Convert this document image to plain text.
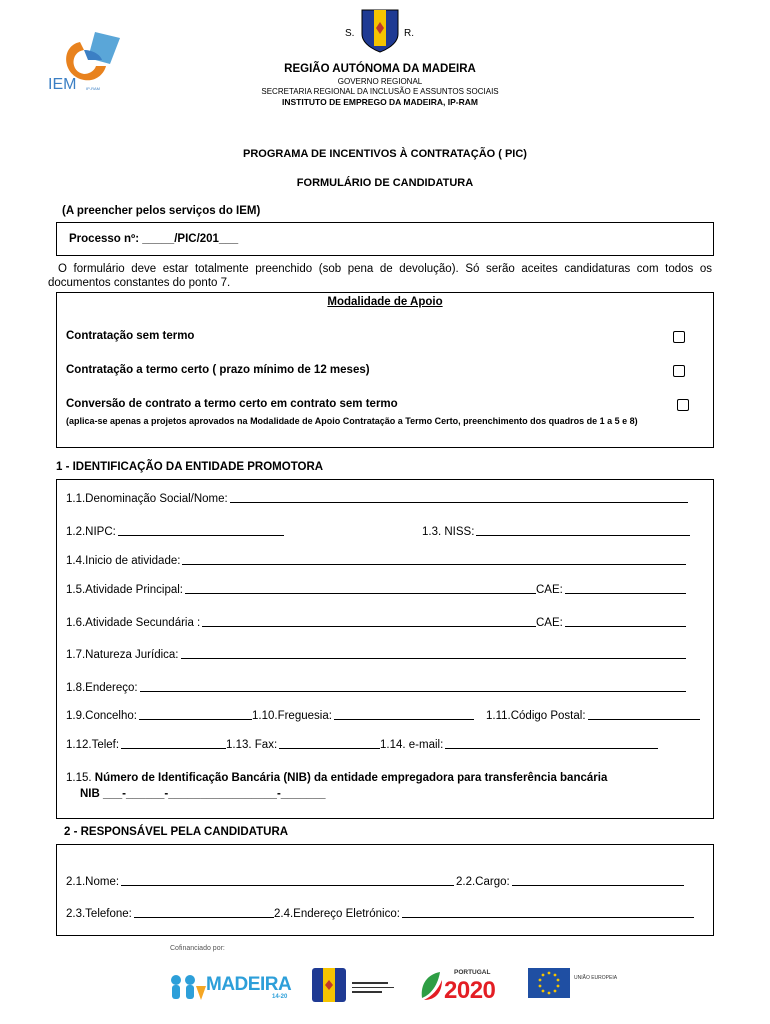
IEM IP-RAM
S.	R.
REGIÃO AUTÓNOMA DA MADEIRA
GOVERNO REGIONAL
SECRETARIA REGIONAL DA INCLUSÃO E ASSUNTOS SOCIAIS
INSTITUTO DE EMPREGO DA MADEIRA, IP-RAM
PROGRAMA DE INCENTIVOS À CONTRATAÇÃO ( PIC)
FORMULÁRIO DE CANDIDATURA
(A preencher pelos serviços do IEM)
Processo nº: _____/PIC/201___
O formulário deve estar totalmente preenchido (sob pena de devolução). Só serão aceites candidaturas com todos os documentos constantes do ponto 7.
Modalidade de Apoio
Contratação sem termo
Contratação a termo certo ( prazo mínimo de 12 meses)
Conversão de contrato a termo certo em contrato sem termo
(aplica-se apenas a projetos aprovados na Modalidade de Apoio Contratação a Termo Certo, preenchimento dos quadros de 1 a 5 e 8)
1 - IDENTIFICAÇÃO DA ENTIDADE PROMOTORA
1.1.Denominação Social/Nome:
1.2.NIPC:	1.3. NISS:
1.4.Inicio de atividade:
1.5.Atividade Principal:	CAE:
1.6.Atividade Secundária :	CAE:
1.7.Natureza Jurídica:
1.8.Endereço:
1.9.Concelho:	1.10.Freguesia:	1.11.Código Postal:
1.12.Telef:	1.13. Fax:	1.14. e-mail:
1.15. Número de Identificação Bancária (NIB) da entidade empregadora para transferência bancária
NIB ___-______-_________________-_______
2 - RESPONSÁVEL PELA CANDIDATURA
2.1.Nome:	2.2.Cargo:
2.3.Telefone:	2.4.Endereço Eletrónico:
Cofinanciado por:
MADEIRA
14-20
PORTUGAL
2020	UNIÃO EUROPEIA
